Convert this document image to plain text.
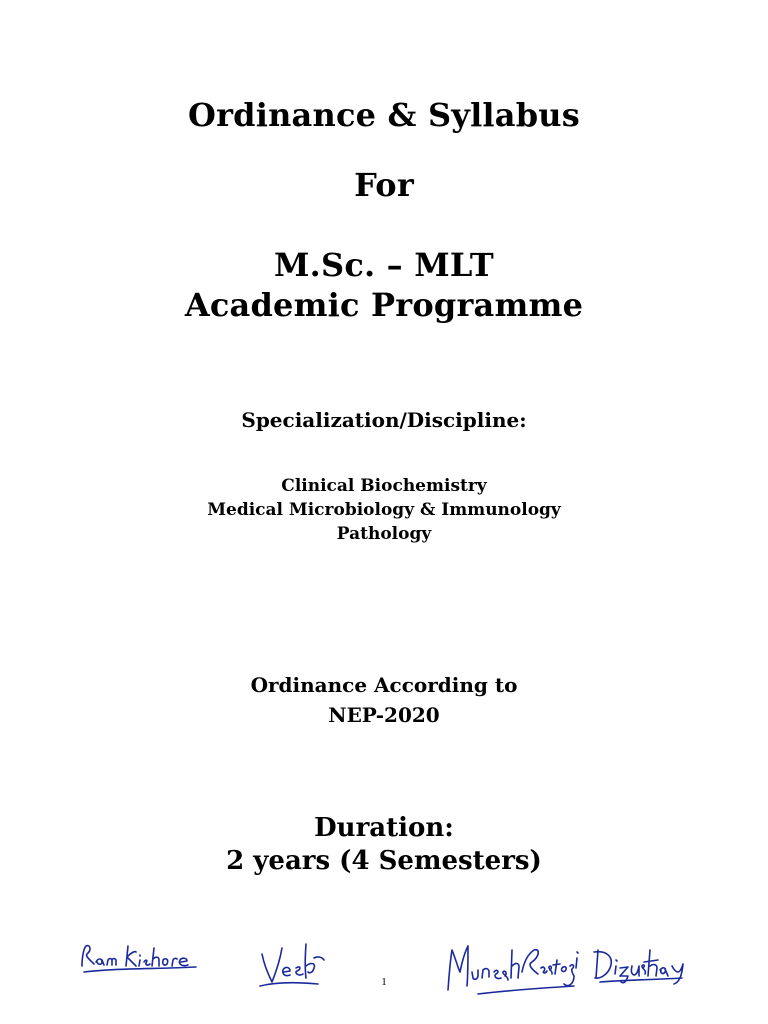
Ordinance & Syllabus
For
M.Sc. – MLT
Academic Programme
Specialization/Discipline:
Clinical Biochemistry
Medical Microbiology & Immunology
Pathology
Ordinance According to
NEP-2020
Duration:
2 years (4 Semesters)
1
